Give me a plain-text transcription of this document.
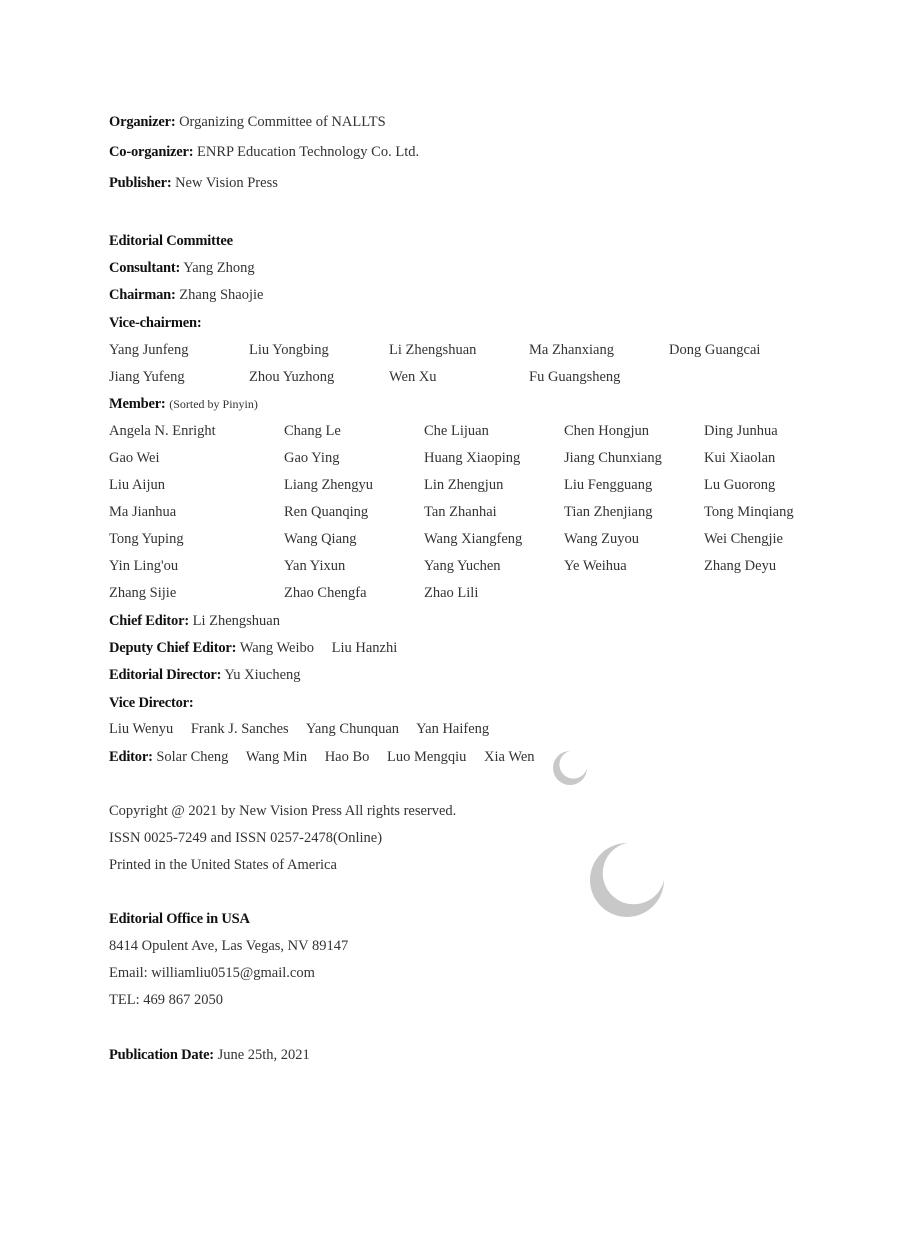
Organizer: Organizing Committee of NALLTS
Co-organizer: ENRP Education Technology Co. Ltd.
Publisher: New Vision Press
Editorial Committee
Consultant: Yang Zhong
Chairman: Zhang Shaojie
Vice-chairmen:
Yang Junfeng	Liu Yongbing	Li Zhengshuan	Ma Zhanxiang	Dong Guangcai
Jiang Yufeng	Zhou Yuzhong	Wen Xu	Fu Guangsheng
Member: (Sorted by Pinyin)
Angela N. Enright	Chang Le	Che Lijuan	Chen Hongjun	Ding Junhua
Gao Wei	Gao Ying	Huang Xiaoping	Jiang Chunxiang	Kui Xiaolan
Liu Aijun	Liang Zhengyu	Lin Zhengjun	Liu Fengguang	Lu Guorong
Ma Jianhua	Ren Quanqing	Tan Zhanhai	Tian Zhenjiang	Tong Minqiang
Tong Yuping	Wang Qiang	Wang Xiangfeng	Wang Zuyou	Wei Chengjie
Yin Ling'ou	Yan Yixun	Yang Yuchen	Ye Weihua	Zhang Deyu
Zhang Sijie	Zhao Chengfa	Zhao Lili
Chief Editor: Li Zhengshuan
Deputy Chief Editor: Wang Weibo Liu Hanzhi
Editorial Director: Yu Xiucheng
Vice Director:
Liu Wenyu Frank J. Sanches Yang Chunquan Yan Haifeng
Editor: Solar Cheng Wang Min Hao Bo Luo Mengqiu Xia Wen
Copyright @ 2021 by New Vision Press All rights reserved.
ISSN 0025-7249 and ISSN 0257-2478(Online)
Printed in the United States of America
Editorial Office in USA
8414 Opulent Ave, Las Vegas, NV 89147
Email: williamliu0515@gmail.com
TEL: 469 867 2050
Publication Date: June 25th, 2021
